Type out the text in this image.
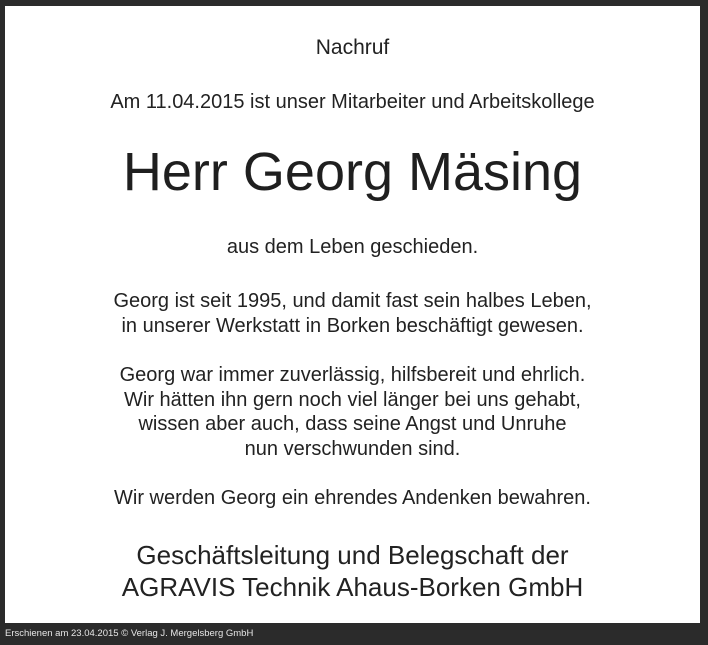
Nachruf
Am 11.04.2015 ist unser Mitarbeiter und Arbeitskollege
Herr Georg Mäsing
aus dem Leben geschieden.
Georg ist seit 1995, und damit fast sein halbes Leben,
in unserer Werkstatt in Borken beschäftigt gewesen.
Georg war immer zuverlässig, hilfsbereit und ehrlich.
Wir hätten ihn gern noch viel länger bei uns gehabt,
wissen aber auch, dass seine Angst und Unruhe
nun verschwunden sind.
Wir werden Georg ein ehrendes Andenken bewahren.
Geschäftsleitung und Belegschaft der
AGRAVIS Technik Ahaus-Borken GmbH
Erschienen am 23.04.2015 © Verlag J. Mergelsberg GmbH
